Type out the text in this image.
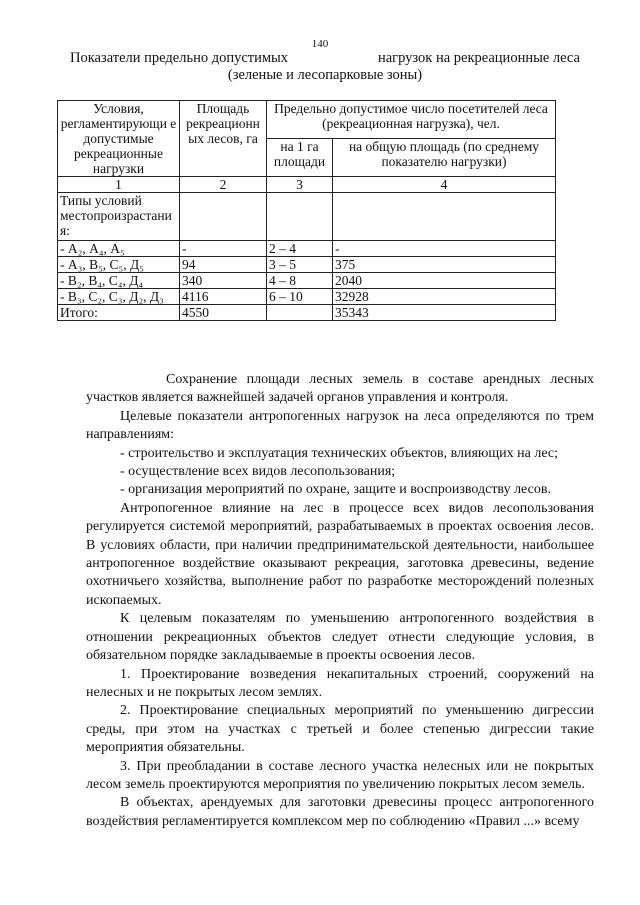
140
Показатели предельно допустимых	нагрузок на рекреационные леса
(зеленые и лесопарковые зоны)
Условия, регламентирующи е допустимые рекреационные нагрузки	Площадь рекреационн ых лесов, га	Предельно допустимое число посетителей леса (рекреационная нагрузка), чел.	
		на 1 га площади	на общую площадь (по среднему показателю нагрузки)
1	2	3	4
Типы условий местопроизрастани я:			
- А₂, А₄, А₅	-	2 – 4	-
- А₃, В₅, С₅, Д₅	94	3 – 5	375
- В₂, В₄, С₄, Д₄	340	4 – 8	2040
- В₃, С₂, С₃, Д₂, Д₃	4116	6 – 10	32928
Итого:	4550		35343

Сохранение площади лесных земель в составе арендных лесных участков является важнейшей задачей органов управления и контроля.

Целевые показатели антропогенных нагрузок на леса определяются по трем направлениям:

- строительство и эксплуатация технических объектов, влияющих на лес;

- осуществление всех видов лесопользования;

- организация мероприятий по охране, защите и воспроизводству лесов.

Антропогенное влияние на лес в процессе всех видов лесопользования регулируется системой мероприятий, разрабатываемых в проектах освоения лесов. В условиях области, при наличии предпринимательской деятельности, наибольшее антропогенное воздействие оказывают рекреация, заготовка древесины, ведение охотничьего хозяйства, выполнение работ по разработке месторождений полезных ископаемых.

К целевым показателям по уменьшению антропогенного воздействия в отношении рекреационных объектов следует отнести следующие условия, в обязательном порядке закладываемые в проекты освоения лесов.

1. Проектирование возведения некапитальных строений, сооружений на нелесных и не покрытых лесом землях.

2. Проектирование специальных мероприятий по уменьшению дигрессии среды, при этом на участках с третьей и более степенью дигрессии такие мероприятия обязательны.

3. При преобладании в составе лесного участка нелесных или не покрытых лесом земель проектируются мероприятия по увеличению покрытых лесом земель.

В объектах, арендуемых для заготовки древесины процесс антропогенного воздействия регламентируется комплексом мер по соблюдению «Правил ...» всему
